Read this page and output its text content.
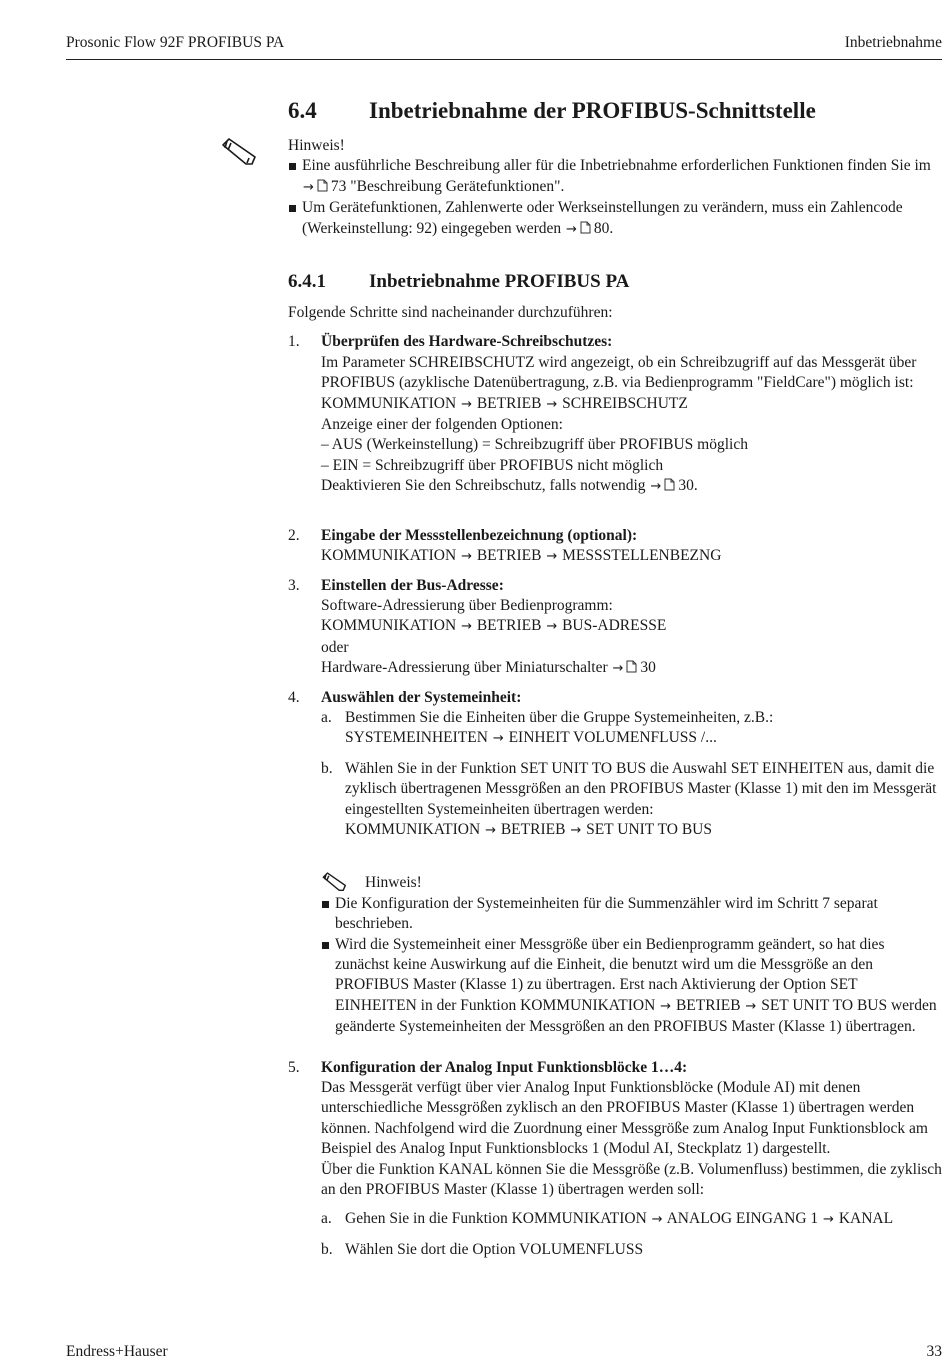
Prosonic Flow 92F PROFIBUS PA	Inbetriebnahme
6.4	Inbetriebnahme der PROFIBUS-Schnittstelle

Hinweis!

Eine ausführliche Beschreibung aller für die Inbetriebnahme erforderlichen Funktionen finden Sie im → 73 "Beschreibung Gerätefunktionen".
Um Gerätefunktionen, Zahlenwerte oder Werkseinstellungen zu verändern, muss ein Zahlencode (Werkeinstellung: 92) eingegeben werden → 80.
6.4.1	Inbetriebnahme PROFIBUS PA

Folgende Schritte sind nacheinander durchzuführen:

1.	Überprüfen des Hardware-Schreibschutzes:
Im Parameter SCHREIBSCHUTZ wird angezeigt, ob ein Schreibzugriff auf das Messgerät über PROFIBUS (azyklische Datenübertragung, z.B. via Bedienprogramm "FieldCare") möglich ist: KOMMUNIKATION → BETRIEB → SCHREIBSCHUTZ
Anzeige einer der folgenden Optionen:
– AUS (Werkeinstellung) = Schreibzugriff über PROFIBUS möglich
– EIN = Schreibzugriff über PROFIBUS nicht möglich
Deaktivieren Sie den Schreibschutz, falls notwendig → 30.
2.	Eingabe der Messstellenbezeichnung (optional):
KOMMUNIKATION → BETRIEB → MESSSTELLENBEZNG
3.	Einstellen der Bus-Adresse:
Software-Adressierung über Bedienprogramm:
KOMMUNIKATION → BETRIEB → BUS-ADRESSE
oder
Hardware-Adressierung über Miniaturschalter → 30
4.	Auswählen der Systemeinheit:
a. Bestimmen Sie die Einheiten über die Gruppe Systemeinheiten, z.B.:
SYSTEMEINHEITEN → EINHEIT VOLUMENFLUSS /...
b. Wählen Sie in der Funktion SET UNIT TO BUS die Auswahl SET EINHEITEN aus, damit die zyklisch übertragenen Messgrößen an den PROFIBUS Master (Klasse 1) mit den im Messgerät eingestellten Systemeinheiten übertragen werden:
KOMMUNIKATION → BETRIEB → SET UNIT TO BUS
Hinweis!
Die Konfiguration der Systemeinheiten für die Summenzähler wird im Schritt 7 separat beschrieben.
Wird die Systemeinheit einer Messgröße über ein Bedienprogramm geändert, so hat dies zunächst keine Auswirkung auf die Einheit, die benutzt wird um die Messgröße an den PROFIBUS Master (Klasse 1) zu übertragen. Erst nach Aktivierung der Option SET EINHEITEN in der Funktion KOMMUNIKATION → BETRIEB → SET UNIT TO BUS werden geänderte Systemeinheiten der Messgrößen an den PROFIBUS Master (Klasse 1) übertragen.
5.	Konfiguration der Analog Input Funktionsblöcke 1…4:
Das Messgerät verfügt über vier Analog Input Funktionsblöcke (Module AI) mit denen unterschiedliche Messgrößen zyklisch an den PROFIBUS Master (Klasse 1) übertragen werden können. Nachfolgend wird die Zuordnung einer Messgröße zum Analog Input Funktionsblock am Beispiel des Analog Input Funktionsblocks 1 (Modul AI, Steckplatz 1) dargestellt.
Über die Funktion KANAL können Sie die Messgröße (z.B. Volumenfluss) bestimmen, die zyklisch an den PROFIBUS Master (Klasse 1) übertragen werden soll:
a. Gehen Sie in die Funktion KOMMUNIKATION → ANALOG EINGANG 1 → KANAL
b. Wählen Sie dort die Option VOLUMENFLUSS
Endress+Hauser	33
